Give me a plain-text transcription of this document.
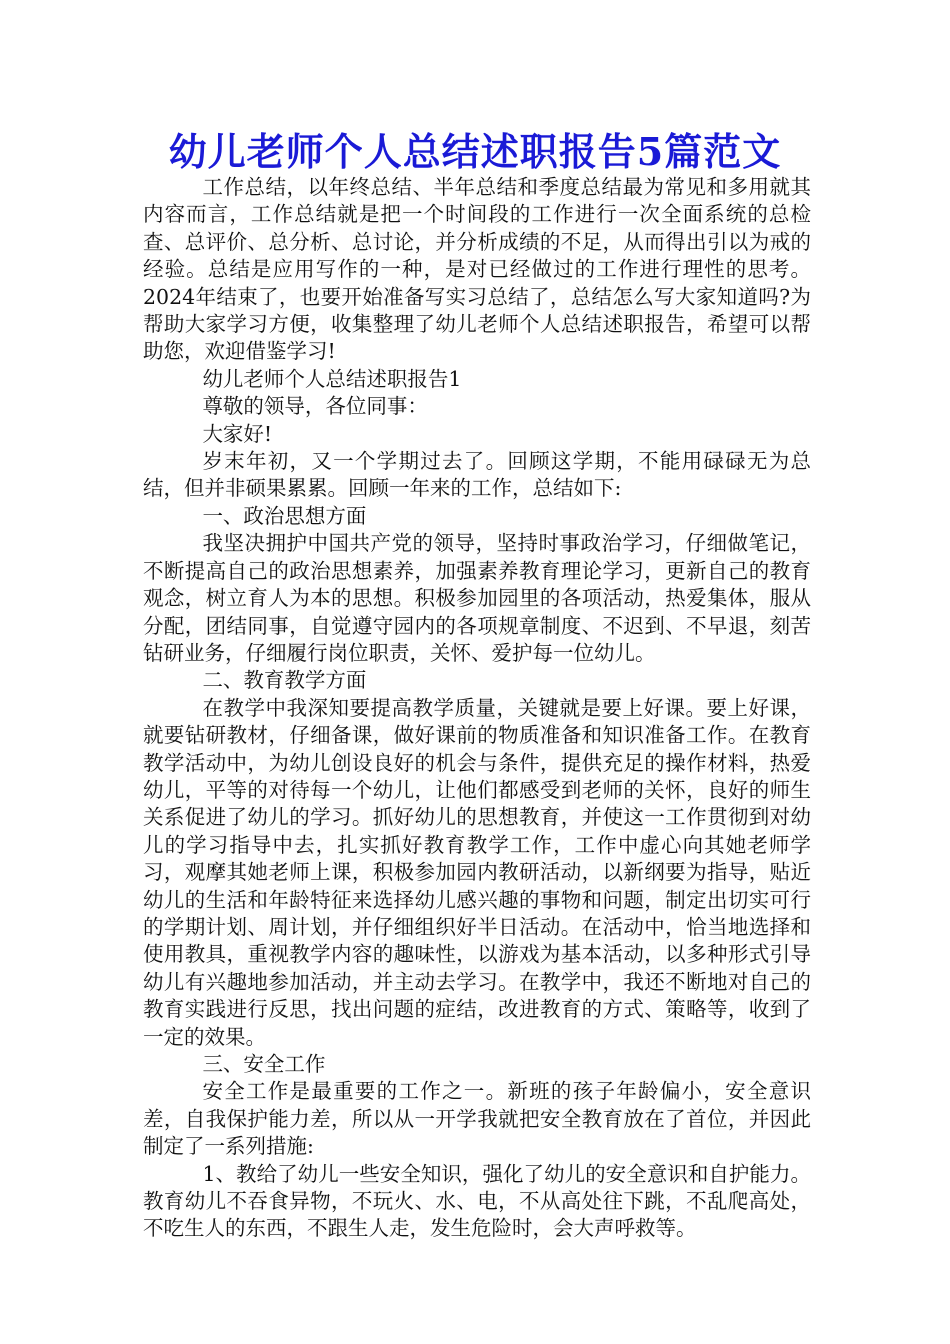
幼儿老师个人总结述职报告5篇范文

工作总结，以年终总结、半年总结和季度总结最为常见和多用就其内容而言，工作总结就是把一个时间段的工作进行一次全面系统的总检查、总评价、总分析、总讨论，并分析成绩的不足，从而得出引以为戒的经验。总结是应用写作的一种，是对已经做过的工作进行理性的思考。2024年结束了，也要开始准备写实习总结了，总结怎么写大家知道吗?为帮助大家学习方便，收集整理了幼儿老师个人总结述职报告，希望可以帮助您，欢迎借鉴学习!

幼儿老师个人总结述职报告1

尊敬的领导，各位同事：

大家好!

岁末年初，又一个学期过去了。回顾这学期，不能用碌碌无为总结，但并非硕果累累。回顾一年来的工作，总结如下:

一、政治思想方面

我坚决拥护中国共产党的领导，坚持时事政治学习，仔细做笔记，不断提高自己的政治思想素养，加强素养教育理论学习，更新自己的教育观念，树立育人为本的思想。积极参加园里的各项活动，热爱集体，服从分配，团结同事，自觉遵守园内的各项规章制度、不迟到、不早退，刻苦钻研业务，仔细履行岗位职责，关怀、爱护每一位幼儿。

二、教育教学方面

在教学中我深知要提高教学质量，关键就是要上好课。要上好课，就要钻研教材，仔细备课，做好课前的物质准备和知识准备工作。在教育教学活动中，为幼儿创设良好的机会与条件，提供充足的操作材料，热爱幼儿，平等的对待每一个幼儿，让他们都感受到老师的关怀，良好的师生关系促进了幼儿的学习。抓好幼儿的思想教育，并使这一工作贯彻到对幼儿的学习指导中去，扎实抓好教育教学工作，工作中虚心向其她老师学习，观摩其她老师上课，积极参加园内教研活动，以新纲要为指导，贴近幼儿的生活和年龄特征来选择幼儿感兴趣的事物和问题，制定出切实可行的学期计划、周计划，并仔细组织好半日活动。在活动中，恰当地选择和使用教具，重视教学内容的趣味性，以游戏为基本活动，以多种形式引导幼儿有兴趣地参加活动，并主动去学习。在教学中，我还不断地对自己的教育实践进行反思，找出问题的症结，改进教育的方式、策略等，收到了一定的效果。

三、安全工作

安全工作是最重要的工作之一。新班的孩子年龄偏小，安全意识差，自我保护能力差，所以从一开学我就把安全教育放在了首位，并因此制定了一系列措施:

1、教给了幼儿一些安全知识，强化了幼儿的安全意识和自护能力。教育幼儿不吞食异物，不玩火、水、电，不从高处往下跳，不乱爬高处，不吃生人的东西，不跟生人走，发生危险时，会大声呼救等。
